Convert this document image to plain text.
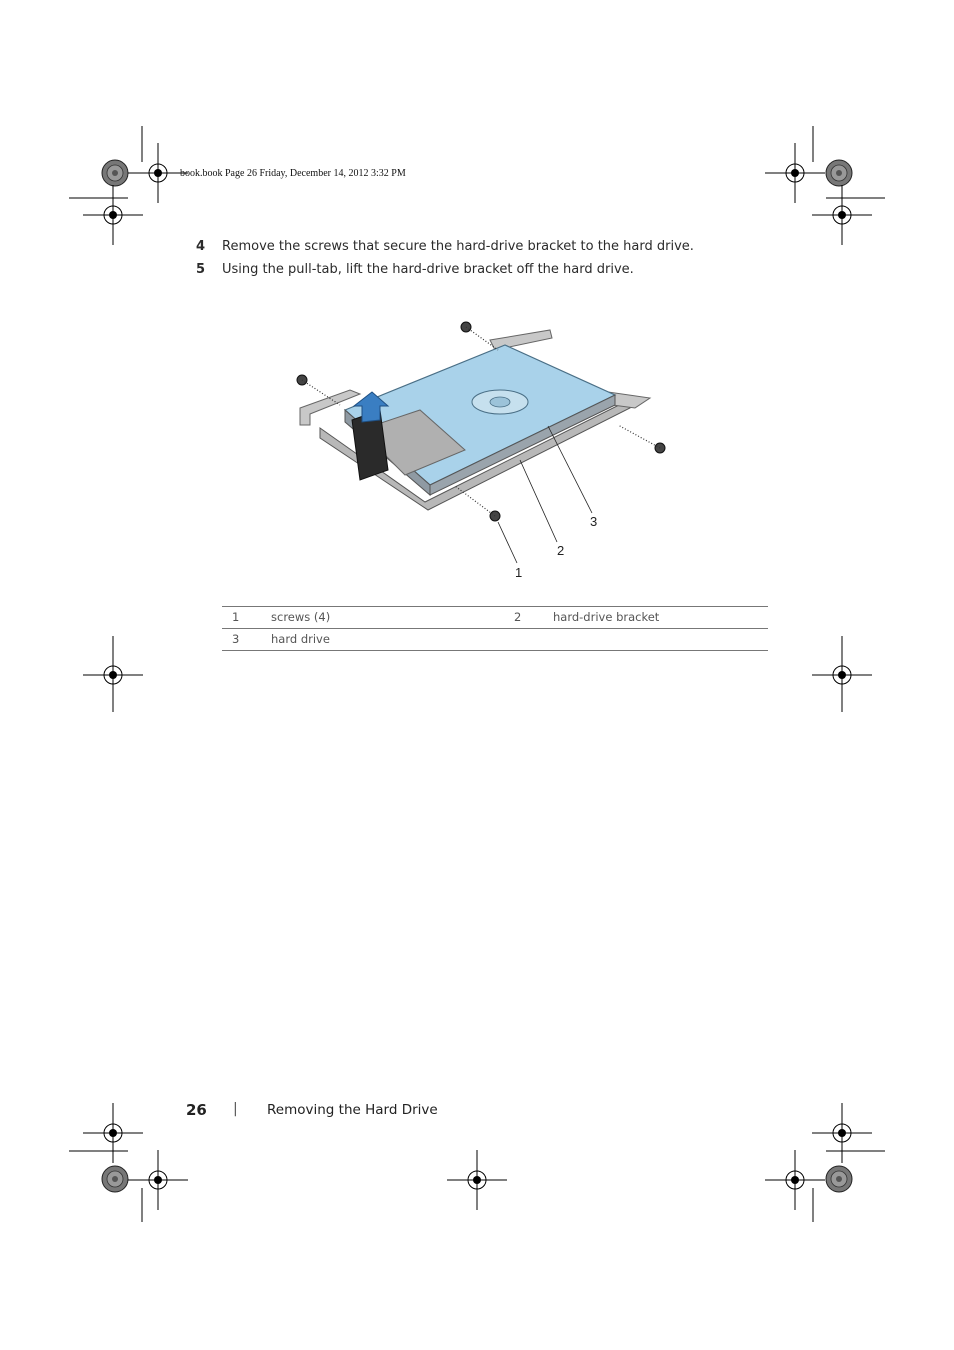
book.book Page 26 Friday, December 14, 2012 3:32 PM
4 Remove the screws that secure the hard-drive bracket to the hard drive.
5 Using the pull-tab, lift the hard-drive bracket off the hard drive.
1
2
3
1	screws (4)	2	hard-drive bracket
3	hard drive		
26 | Removing the Hard Drive
